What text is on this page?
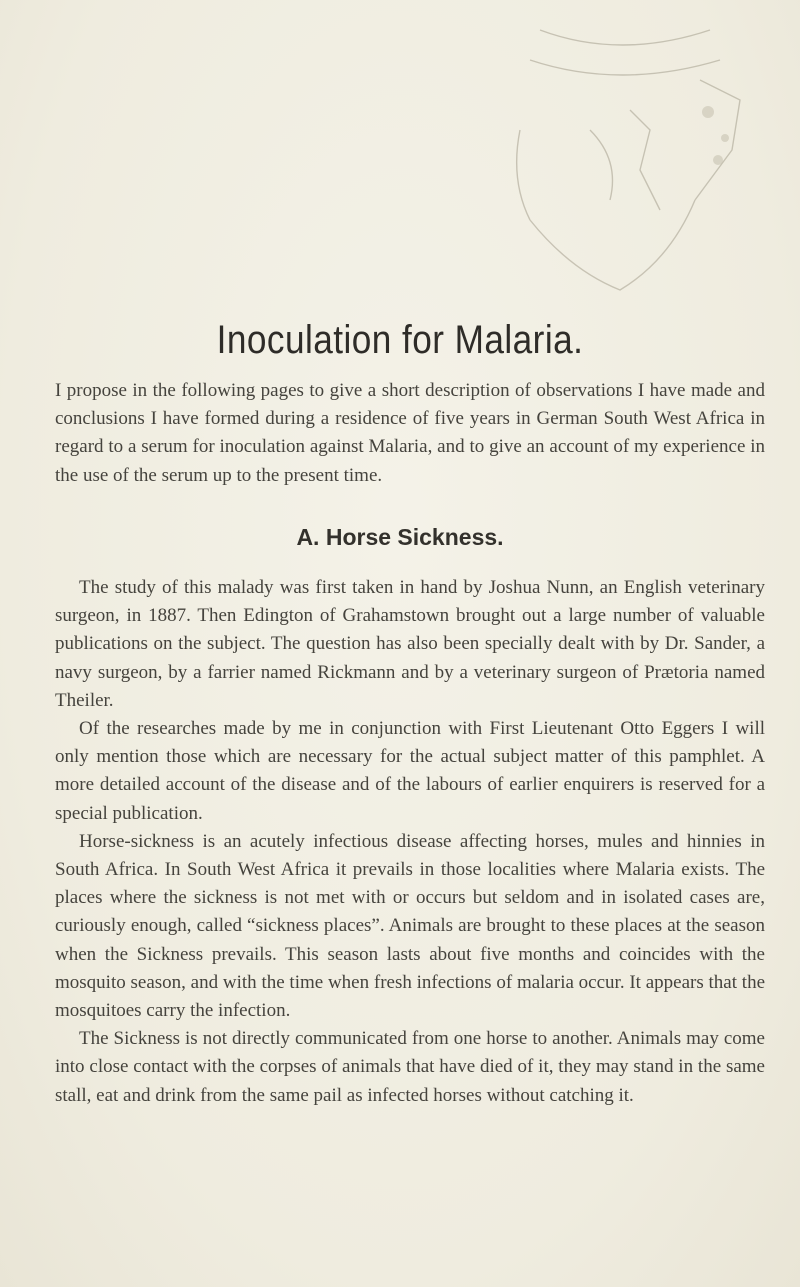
Inoculation for Malaria.

I propose in the following pages to give a short description of observations I have made and conclusions I have formed during a residence of five years in German South West Africa in regard to a serum for inoculation against Malaria, and to give an account of my experience in the use of the serum up to the present time.

A. Horse Sickness.

The study of this malady was first taken in hand by Joshua Nunn, an English veterinary surgeon, in 1887. Then Edington of Grahamstown brought out a large number of valuable publications on the subject. The question has also been specially dealt with by Dr. Sander, a navy surgeon, by a farrier named Rickmann and by a veterinary surgeon of Prætoria named Theiler.

Of the researches made by me in conjunction with First Lieutenant Otto Eggers I will only mention those which are necessary for the actual subject matter of this pamphlet. A more detailed account of the disease and of the labours of earlier enquirers is reserved for a special publication.

Horse-sickness is an acutely infectious disease affecting horses, mules and hinnies in South Africa. In South West Africa it prevails in those localities where Malaria exists. The places where the sickness is not met with or occurs but seldom and in isolated cases are, curiously enough, called “sickness places”. Animals are brought to these places at the season when the Sickness prevails. This season lasts about five months and coincides with the mosquito season, and with the time when fresh infections of malaria occur. It appears that the mosquitoes carry the infection.

The Sickness is not directly communicated from one horse to another. Animals may come into close contact with the corpses of animals that have died of it, they may stand in the same stall, eat and drink from the same pail as infected horses without catching it.
